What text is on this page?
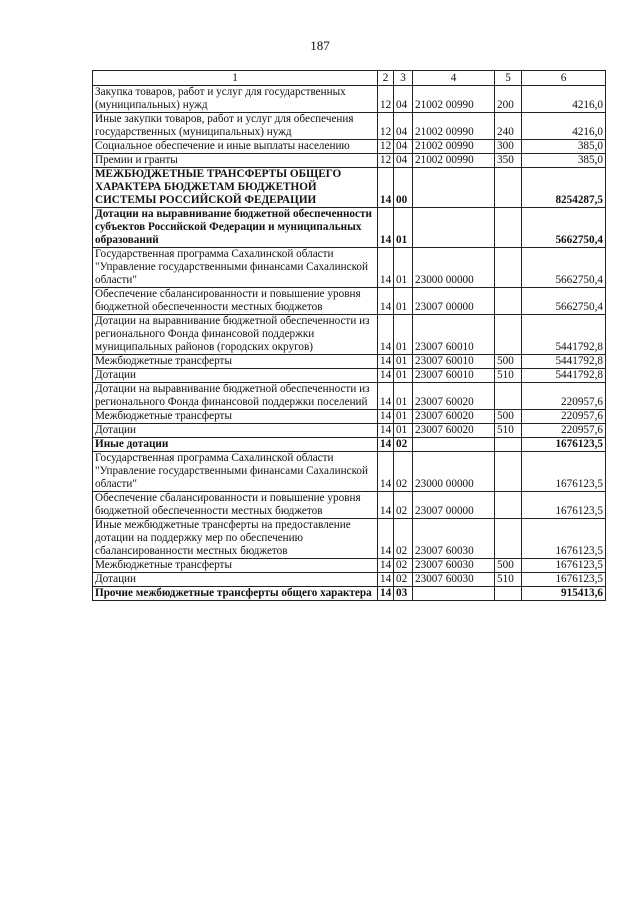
187
1	2	3	4	5	6
Закупка товаров, работ и услуг для государственных (муниципальных) нужд	12	04	21002 00990	200	4216,0
Иные закупки товаров, работ и услуг для обеспечения государственных (муниципальных) нужд	12	04	21002 00990	240	4216,0
Социальное обеспечение и иные выплаты населению	12	04	21002 00990	300	385,0
Премии и гранты	12	04	21002 00990	350	385,0
МЕЖБЮДЖЕТНЫЕ ТРАНСФЕРТЫ ОБЩЕГО ХАРАКТЕРА БЮДЖЕТАМ БЮДЖЕТНОЙ СИСТЕМЫ РОССИЙСКОЙ ФЕДЕРАЦИИ	14	00			8254287,5
Дотации на выравнивание бюджетной обеспеченности субъектов Российской Федерации и муниципальных образований	14	01			5662750,4
Государственная программа Сахалинской области "Управление государственными финансами Сахалинской области"	14	01	23000 00000		5662750,4
Обеспечение сбалансированности и повышение уровня бюджетной обеспеченности местных бюджетов	14	01	23007 00000		5662750,4
Дотации на выравнивание бюджетной обеспеченности из регионального Фонда финансовой поддержки муниципальных районов (городских округов)	14	01	23007 60010		5441792,8
Межбюджетные трансферты	14	01	23007 60010	500	5441792,8
Дотации	14	01	23007 60010	510	5441792,8
Дотации на выравнивание бюджетной обеспеченности из регионального Фонда финансовой поддержки поселений	14	01	23007 60020		220957,6
Межбюджетные трансферты	14	01	23007 60020	500	220957,6
Дотации	14	01	23007 60020	510	220957,6
Иные дотации	14	02			1676123,5
Государственная программа Сахалинской области "Управление государственными финансами Сахалинской области"	14	02	23000 00000		1676123,5
Обеспечение сбалансированности и повышение уровня бюджетной обеспеченности местных бюджетов	14	02	23007 00000		1676123,5
Иные межбюджетные трансферты на предоставление дотации на поддержку мер по обеспечению сбалансированности местных бюджетов	14	02	23007 60030		1676123,5
Межбюджетные трансферты	14	02	23007 60030	500	1676123,5
Дотации	14	02	23007 60030	510	1676123,5
Прочие межбюджетные трансферты общего характера	14	03			915413,6
